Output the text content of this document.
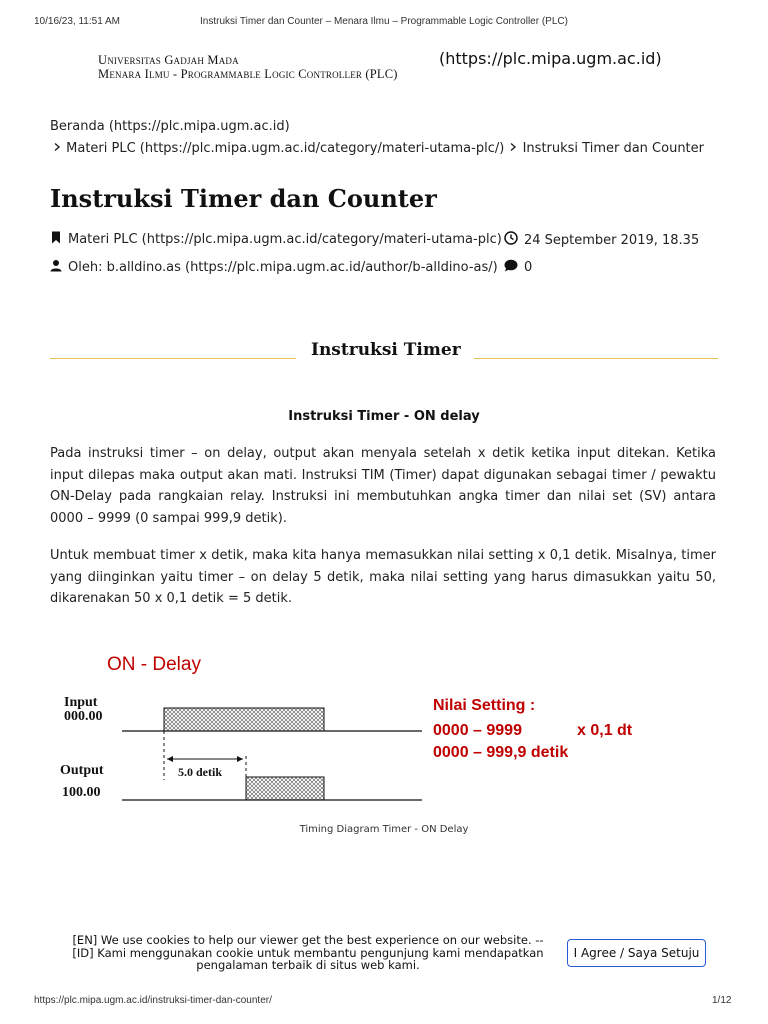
10/16/23, 11:51 AM	Instruksi Timer dan Counter – Menara Ilmu – Programmable Logic Controller (PLC)
Universitas Gadjah Mada
Menara Ilmu - Programmable Logic Controller (PLC)
(https://plc.mipa.ugm.ac.id)
Beranda (https://plc.mipa.ugm.ac.id)
Materi PLC (https://plc.mipa.ugm.ac.id/category/materi-utama-plc/) Instruksi Timer dan Counter
Instruksi Timer dan Counter
Materi PLC (https://plc.mipa.ugm.ac.id/category/materi-utama-plc) 24 September 2019, 18.35
Oleh: b.alldino.as (https://plc.mipa.ugm.ac.id/author/b-alldino-as/) 0
Instruksi Timer
Instruksi Timer - ON delay
Pada instruksi timer – on delay, output akan menyala setelah x detik ketika input ditekan. Ketika input dilepas maka output akan mati. Instruksi TIM (Timer) dapat digunakan sebagai timer / pewaktu ON-Delay pada rangkaian relay. Instruksi ini membutuhkan angka timer dan nilai set (SV) antara 0000 – 9999 (0 sampai 999,9 detik).
Untuk membuat timer x detik, maka kita hanya memasukkan nilai setting x 0,1 detik. Misalnya, timer yang diinginkan yaitu timer – on delay 5 detik, maka nilai setting yang harus dimasukkan yaitu 50, dikarenakan 50 x 0,1 detik = 5 detik.
ON - Delay
Input
000.00
Output
100.00
5.0 detik
Nilai Setting :
0000 – 9999	x 0,1 dt
0000 – 999,9 detik
Timing Diagram Timer - ON Delay
[EN] We use cookies to help our viewer get the best experience on our website. --
[ID] Kami menggunakan cookie untuk membantu pengunjung kami mendapatkan
pengalaman terbaik di situs web kami.
I Agree / Saya Setuju
https://plc.mipa.ugm.ac.id/instruksi-timer-dan-counter/	1/12
